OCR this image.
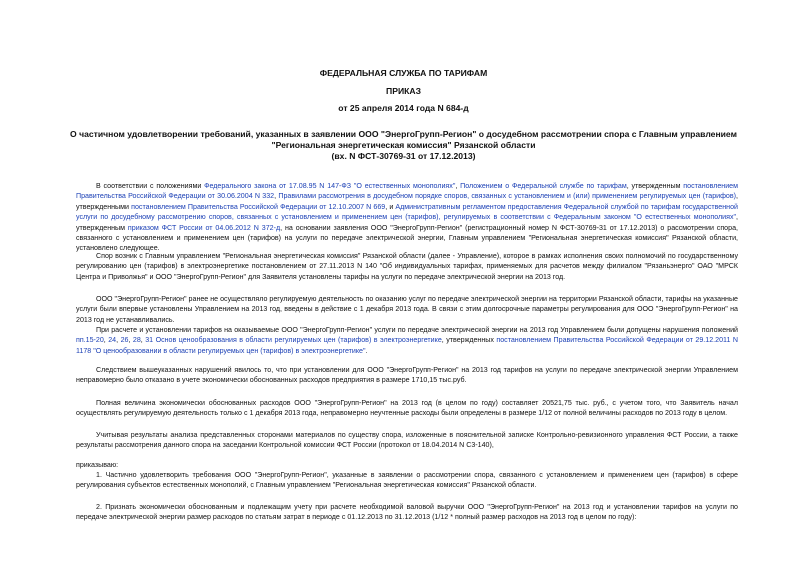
ФЕДЕРАЛЬНАЯ СЛУЖБА ПО ТАРИФАМ
ПРИКАЗ
от 25 апреля 2014 года N 684-д
О частичном удовлетворении требований, указанных в заявлении ООО "ЭнергоГрупп-Регион" о досудебном рассмотрении спора с Главным управлением
"Региональная энергетическая комиссия" Рязанской области
(вх. N ФСТ-30769-31 от 17.12.2013)
В соответствии с положениями Федерального закона от 17.08.95 N 147-ФЗ "О естественных монополиях", Положением о Федеральной службе по тарифам, утвержденным постановлением Правительства Российской Федерации от 30.06.2004 N 332, Правилами рассмотрения в досудебном порядке споров, связанных с установлением и (или) применением регулируемых цен (тарифов), утвержденными постановлением Правительства Российской Федерации от 12.10.2007 N 669, и Административным регламентом предоставления Федеральной службой по тарифам государственной услуги по досудебному рассмотрению споров, связанных с установлением и применением цен (тарифов), регулируемых в соответствии с Федеральным законом "О естественных монополиях", утвержденным приказом ФСТ России от 04.06.2012 N 372-д, на основании заявления ООО "ЭнергоГрупп-Регион" (регистрационный номер N ФСТ-30769-31 от 17.12.2013) о рассмотрении спора, связанного с установлением и применением цен (тарифов) на услуги по передаче электрической энергии, Главным управлением "Региональная энергетическая комиссия" Рязанской области, установлено следующее.
Спор возник с Главным управлением "Региональная энергетическая комиссия" Рязанской области (далее - Управление), которое в рамках исполнения своих полномочий по государственному регулированию цен (тарифов) в электроэнергетике постановлением от 27.11.2013 N 140 "Об индивидуальных тарифах, применяемых для расчетов между филиалом "Рязаньэнерго" ОАО "МРСК Центра и Приволжья" и ООО "ЭнергоГрупп-Регион" для Заявителя установлены тарифы на услуги по передаче электрической энергии на 2013 год.
ООО "ЭнергоГрупп-Регион" ранее не осуществляло регулируемую деятельность по оказанию услуг по передаче электрической энергии на территории Рязанской области, тарифы на указанные услуги были впервые установлены Управлением на 2013 год, введены в действие с 1 декабря 2013 года. В связи с этим долгосрочные параметры регулирования для ООО "ЭнергоГрупп-Регион" на 2013 год не устанавливались.
При расчете и установлении тарифов на оказываемые ООО "ЭнергоГрупп-Регион" услуги по передаче электрической энергии на 2013 год Управлением были допущены нарушения положений пп.15-20, 24, 26, 28, 31 Основ ценообразования в области регулируемых цен (тарифов) в электроэнергетике, утвержденных постановлением Правительства Российской Федерации от 29.12.2011 N 1178 "О ценообразовании в области регулируемых цен (тарифов) в электроэнергетике".
Следствием вышеуказанных нарушений явилось то, что при установлении для ООО "ЭнергоГрупп-Регион" на 2013 год тарифов на услуги по передаче электрической энергии Управлением неправомерно было отказано в учете экономически обоснованных расходов предприятия в размере 1710,15 тыс.руб.
Полная величина экономически обоснованных расходов ООО "ЭнергоГрупп-Регион" на 2013 год (в целом по году) составляет 20521,75 тыс. руб., с учетом того, что Заявитель начал осуществлять регулируемую деятельность только с 1 декабря 2013 года, неправомерно неучтенные расходы были определены в размере 1/12 от полной величины расходов по 2013 году в целом.
Учитывая результаты анализа представленных сторонами материалов по существу спора, изложенные в пояснительной записке Контрольно-ревизионного управления ФСТ России, а также результаты рассмотрения данного спора на заседании Контрольной комиссии ФСТ России (протокол от 18.04.2014 N С3-140),
приказываю:
1. Частично удовлетворить требования ООО "ЭнергоГрупп-Регион", указанные в заявлении о рассмотрении спора, связанного с установлением и применением цен (тарифов) в сфере регулирования субъектов естественных монополий, с Главным управлением "Региональная энергетическая комиссия" Рязанской области.
2. Признать экономически обоснованным и подлежащим учету при расчете необходимой валовой выручки ООО "ЭнергоГрупп-Регион" на 2013 год и установлении тарифов на услуги по передаче электрической энергии размер расходов по статьям затрат в периоде с 01.12.2013 по 31.12.2013 (1/12 * полный размер расходов на 2013 год в целом по году):
